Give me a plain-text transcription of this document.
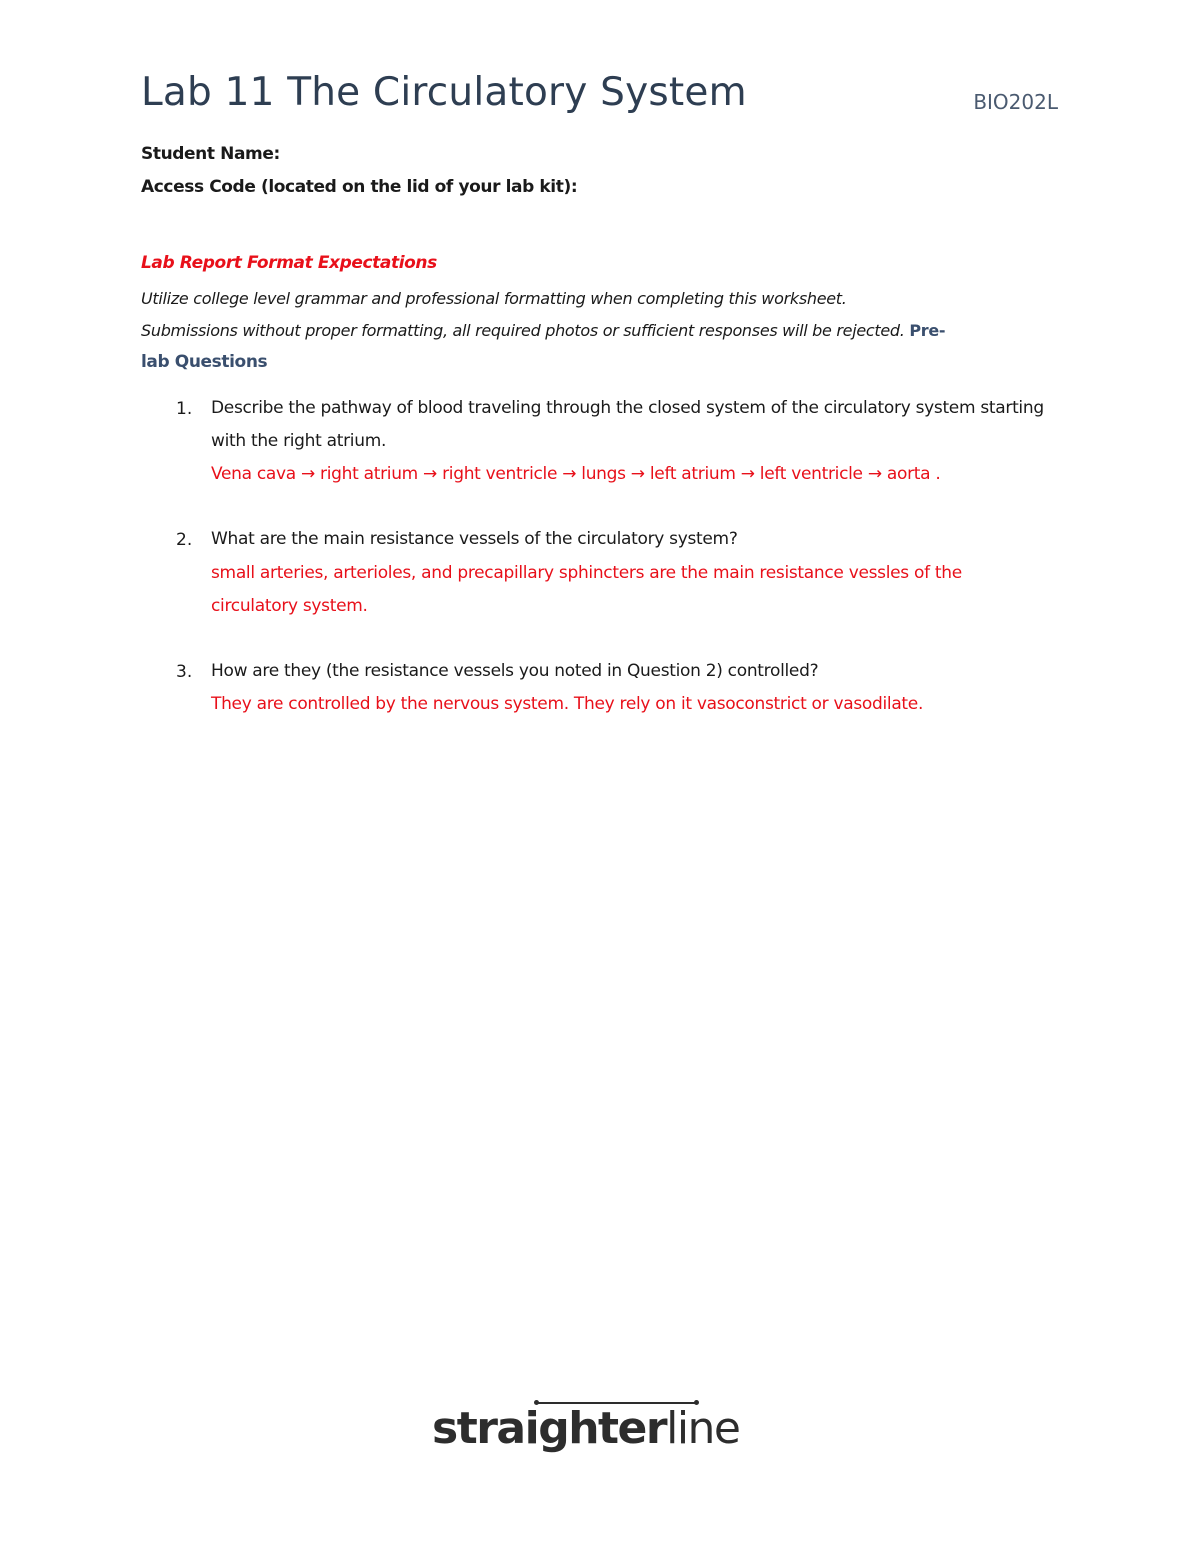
Lab 11 The Circulatory System	BIO202L
Student Name:
Access Code (located on the lid of your lab kit):
Lab Report Format Expectations
Utilize college level grammar and professional formatting when completing this worksheet.
Submissions without proper formatting, all required photos or sufficient responses will be rejected. Pre-
lab Questions
1. Describe the pathway of blood traveling through the closed system of the circulatory system starting with the right atrium.
Vena cava → right atrium → right ventricle → lungs → left atrium → left ventricle → aorta .
2. What are the main resistance vessels of the circulatory system?
small arteries, arterioles, and precapillary sphincters are the main resistance vessles of the circulatory system.
3. How are they (the resistance vessels you noted in Question 2) controlled?
They are controlled by the nervous system. They rely on it vasoconstrict or vasodilate.
straighterline
